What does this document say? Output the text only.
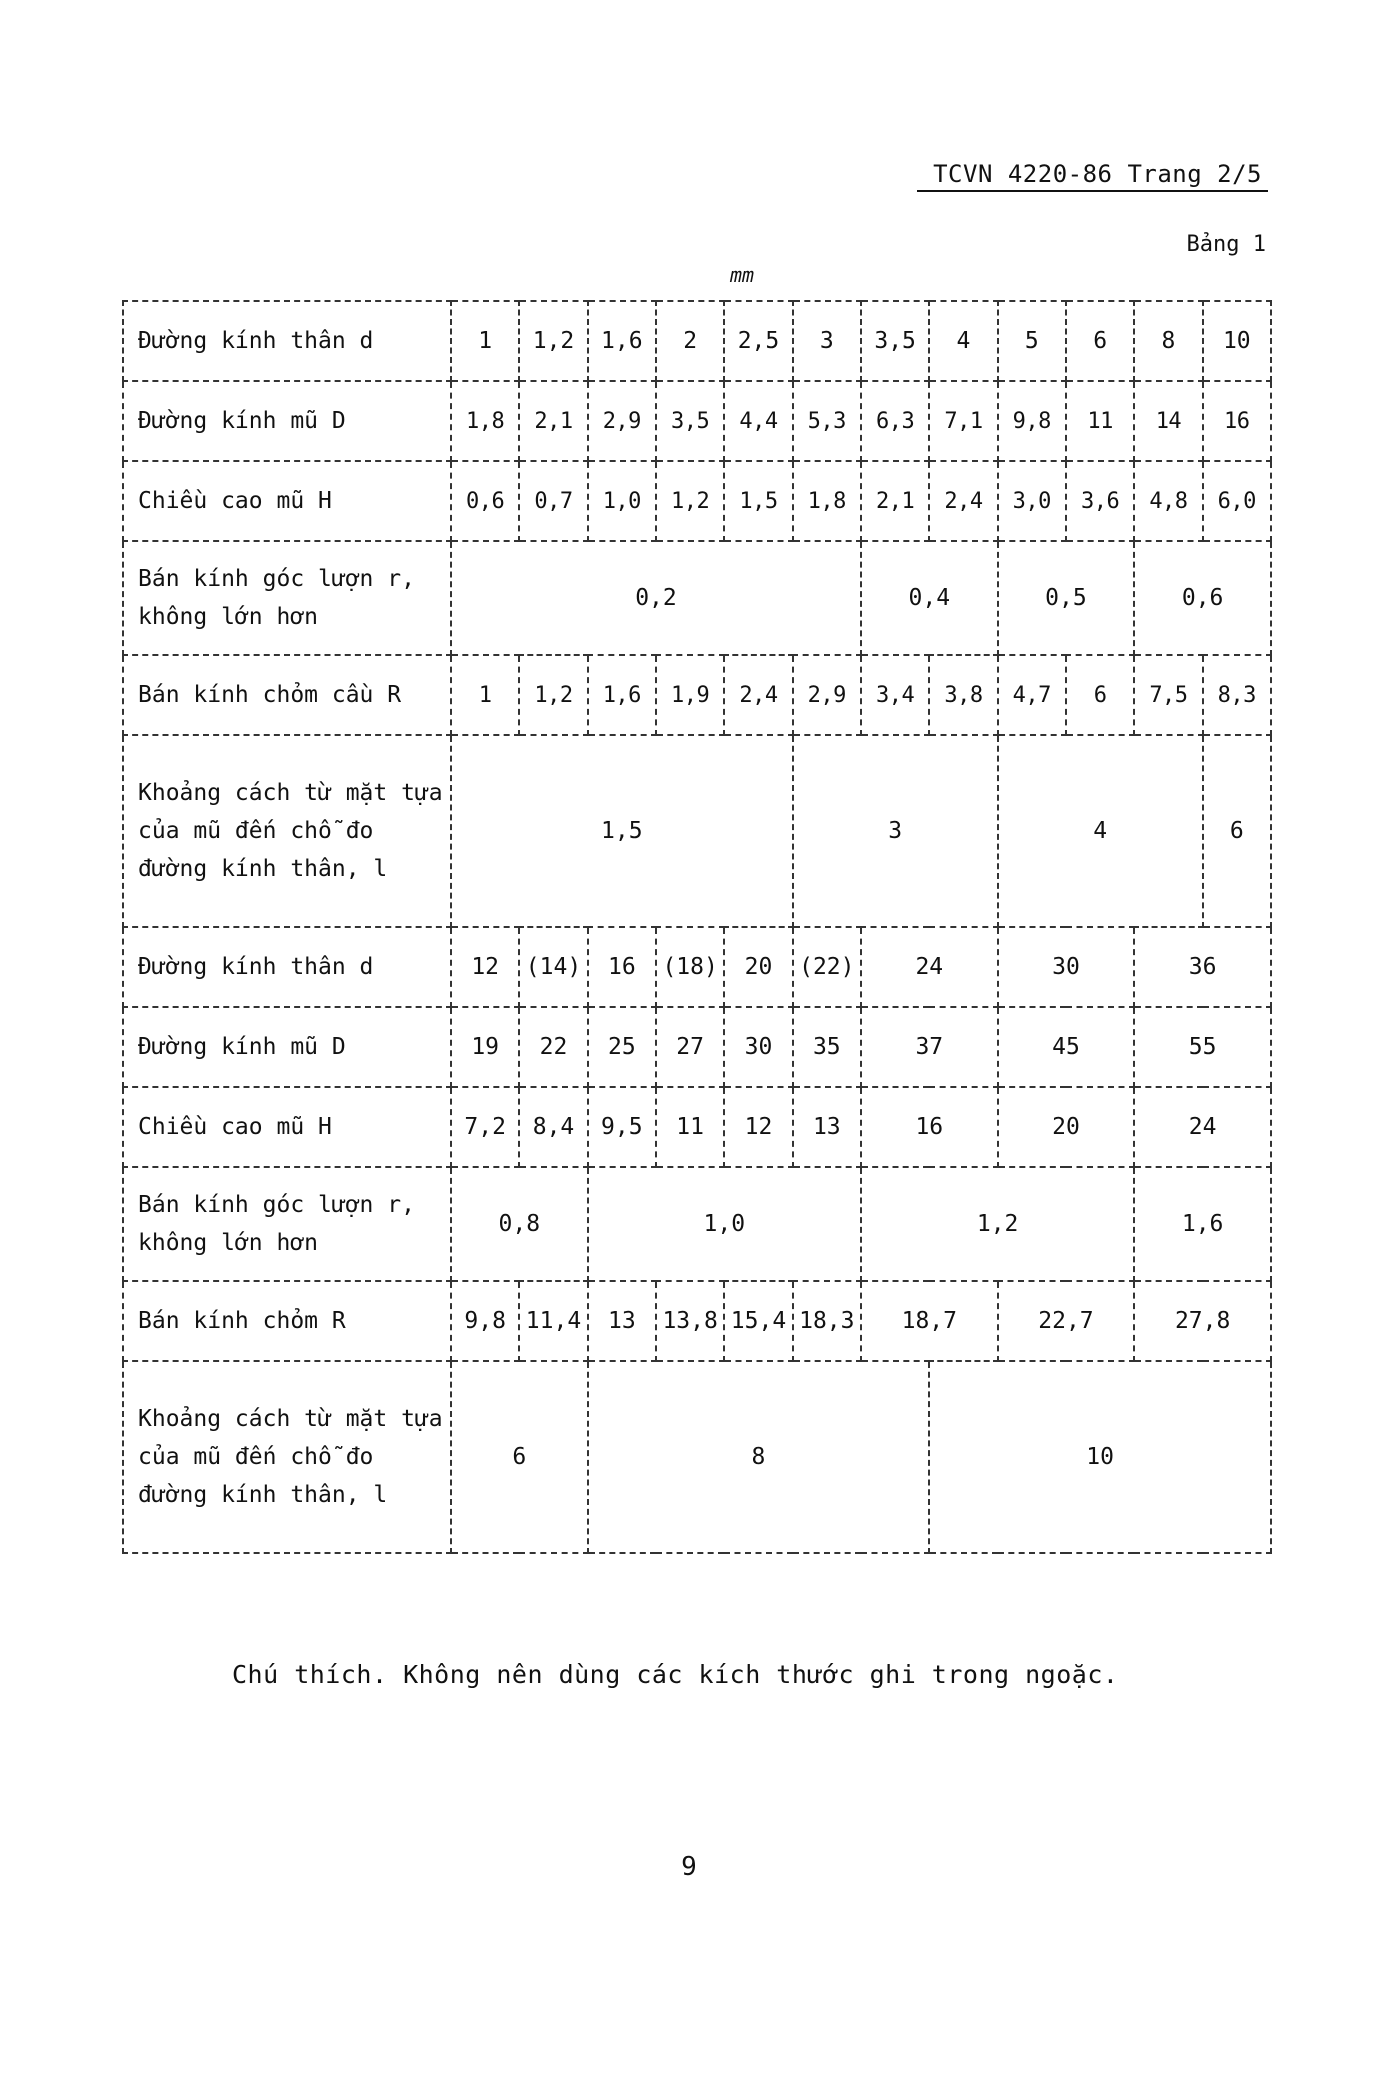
TCVN 4220-86 Trang 2/5
Bảng 1
mm
Đường kính thân d	1	1,2	1,6	2	2,5	3	3,5	4	5	6	8	10
Đường kính mũ D	1,8	2,1	2,9	3,5	4,4	5,3	6,3	7,1	9,8	11	14	16
Chiều cao mũ H	0,6	0,7	1,0	1,2	1,5	1,8	2,1	2,4	3,0	3,6	4,8	6,0
Bán kính góc lượn r, không lớn hơn	0,2						0,4		0,5		0,6	
Bán kính chỏm cầu R	1	1,2	1,6	1,9	2,4	2,9	3,4	3,8	4,7	6	7,5	8,3
Khoảng cách từ mặt tựa của mũ đến chỗ đo đường kính thân, l	1,5					3			4			6
Đường kính thân d	12	(14)	16	(18)	20	(22)	24		30		36	
Đường kính mũ D	19	22	25	27	30	35	37		45		55	
Chiều cao mũ H	7,2	8,4	9,5	11	12	13	16		20		24	
Bán kính góc lượn r, không lớn hơn	0,8		1,0				1,2				1,6	
Bán kính chỏm R	9,8	11,4	13	13,8	15,4	18,3	18,7		22,7		27,8	
Khoảng cách từ mặt tựa của mũ đến chỗ đo đường kính thân, l	6		8					10				
Chú thích. Không nên dùng các kích thước ghi trong ngoặc.
9
